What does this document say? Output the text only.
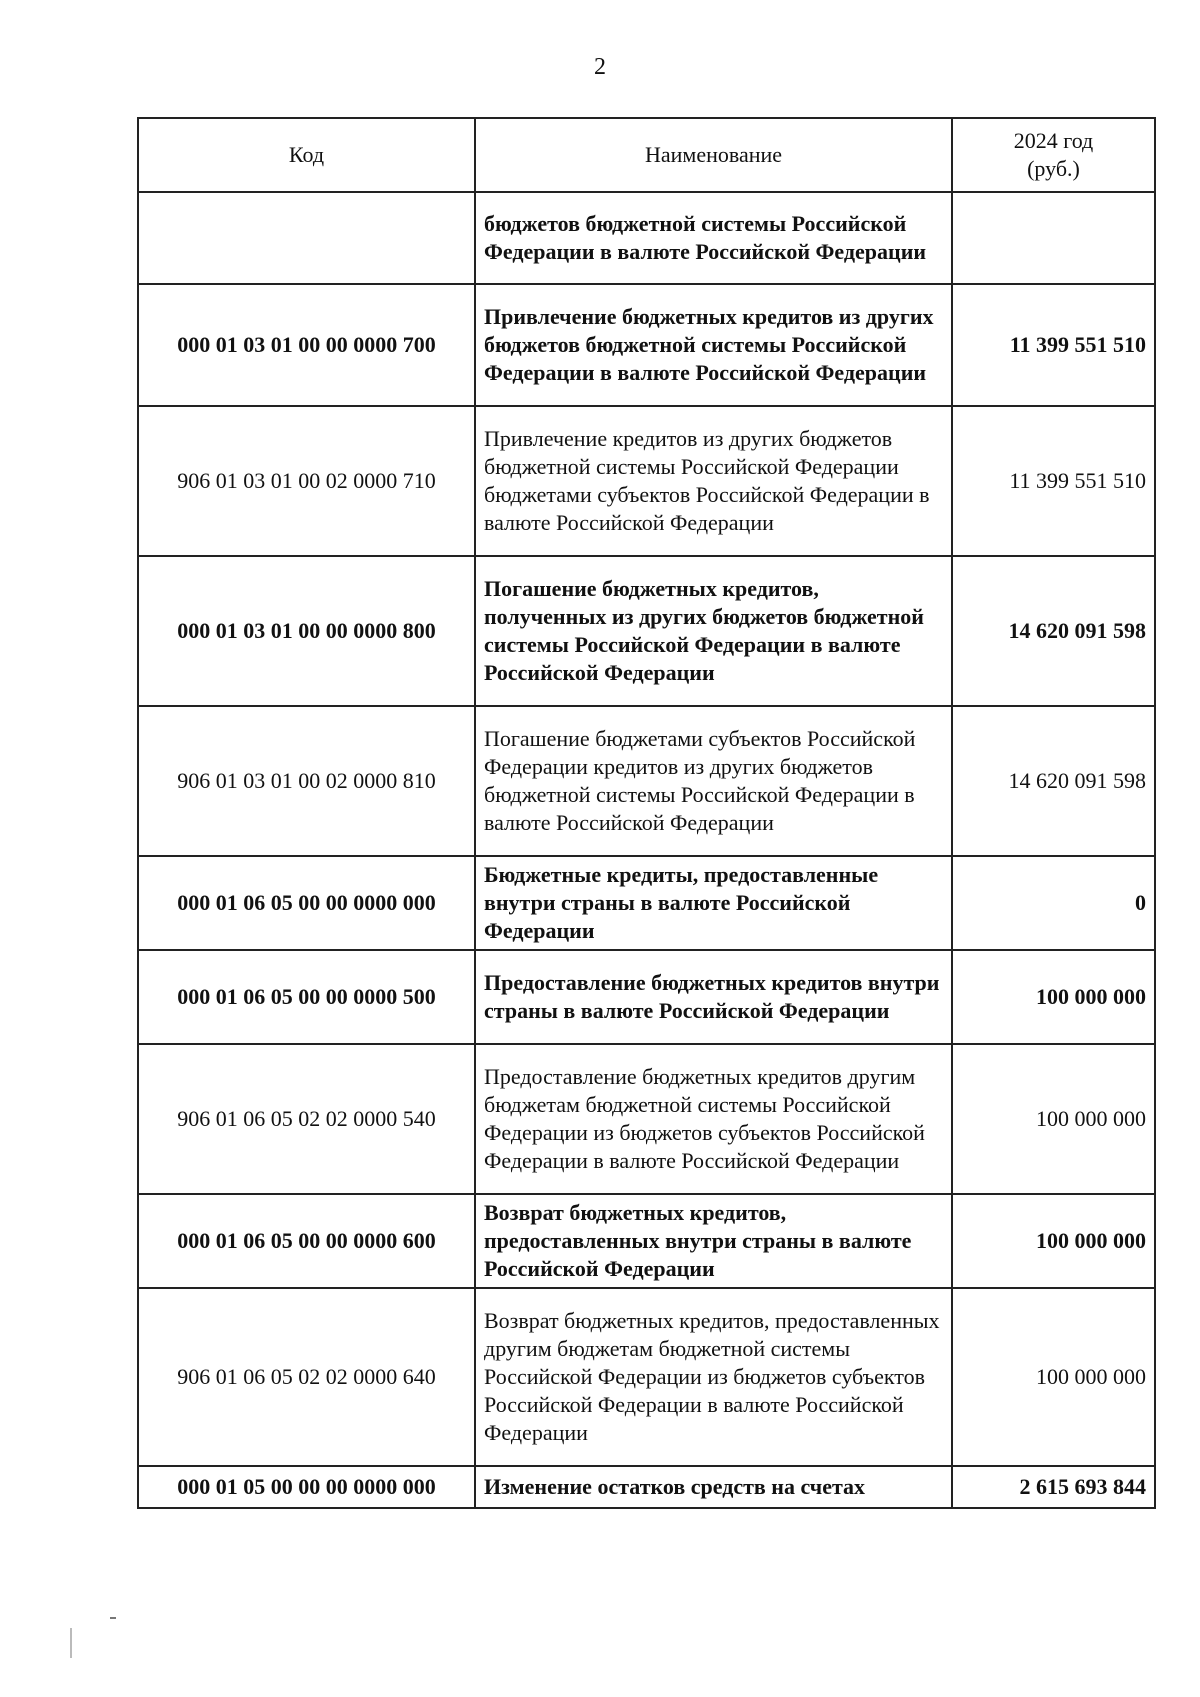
2
Код	Наименование	2024 год
(руб.)
	бюджетов бюджетной системы Российской Федерации в валюте Российской Федерации	
000 01 03 01 00 00 0000 700	Привлечение бюджетных кредитов из других бюджетов бюджетной системы Российской Федерации в валюте Российской Федерации	11 399 551 510
906 01 03 01 00 02 0000 710	Привлечение кредитов из других бюджетов бюджетной системы Российской Федерации бюджетами субъектов Российской Федерации в валюте Российской Федерации	11 399 551 510
000 01 03 01 00 00 0000 800	Погашение бюджетных кредитов, полученных из других бюджетов бюджетной системы Российской Федерации в валюте Российской Федерации	14 620 091 598
906 01 03 01 00 02 0000 810	Погашение бюджетами субъектов Российской Федерации кредитов из других бюджетов бюджетной системы Российской Федерации в валюте Российской Федерации	14 620 091 598
000 01 06 05 00 00 0000 000	Бюджетные кредиты, предоставленные внутри страны в валюте Российской Федерации	0
000 01 06 05 00 00 0000 500	Предоставление бюджетных кредитов внутри страны в валюте Российской Федерации	100 000 000
906 01 06 05 02 02 0000 540	Предоставление бюджетных кредитов другим бюджетам бюджетной системы Российской Федерации из бюджетов субъектов Российской Федерации в валюте Российской Федерации	100 000 000
000 01 06 05 00 00 0000 600	Возврат бюджетных кредитов, предоставленных внутри страны в валюте Российской Федерации	100 000 000
906 01 06 05 02 02 0000 640	Возврат бюджетных кредитов, предоставленных другим бюджетам бюджетной системы Российской Федерации из бюджетов субъектов Российской Федерации в валюте Российской Федерации	100 000 000
000 01 05 00 00 00 0000 000	Изменение остатков средств на счетах	2 615 693 844
